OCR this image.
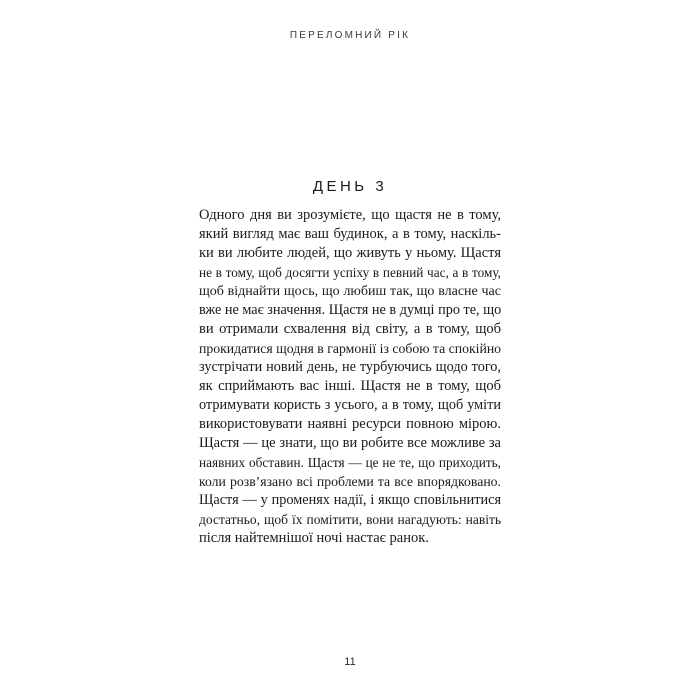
ПЕРЕЛОМНИЙ РІК
ДЕНЬ 3
Одного дня ви зрозумієте, що щастя не в тому,
який вигляд має ваш будинок, а в тому, наскіль-
ки ви любите людей, що живуть у ньому. Щастя
не в тому, щоб досягти успіху в певний час, а в тому,
щоб віднайти щось, що любиш так, що власне час
вже не має значення. Щастя не в думці про те, що
ви отримали схвалення від світу, а в тому, щоб
прокидатися щодня в гармонії із собою та спокійно
зустрічати новий день, не турбуючись щодо того,
як сприймають вас інші. Щастя не в тому, щоб
отримувати користь з усього, а в тому, щоб уміти
використовувати наявні ресурси повною мірою.
Щастя — це знати, що ви робите все можливе за
наявних обставин. Щастя — це не те, що приходить,
коли розв’язано всі проблеми та все впорядковано.
Щастя — у променях надії, і якщо сповільнитися
достатньо, щоб їх помітити, вони нагадують: навіть
після найтемнішої ночі настає ранок.
11
